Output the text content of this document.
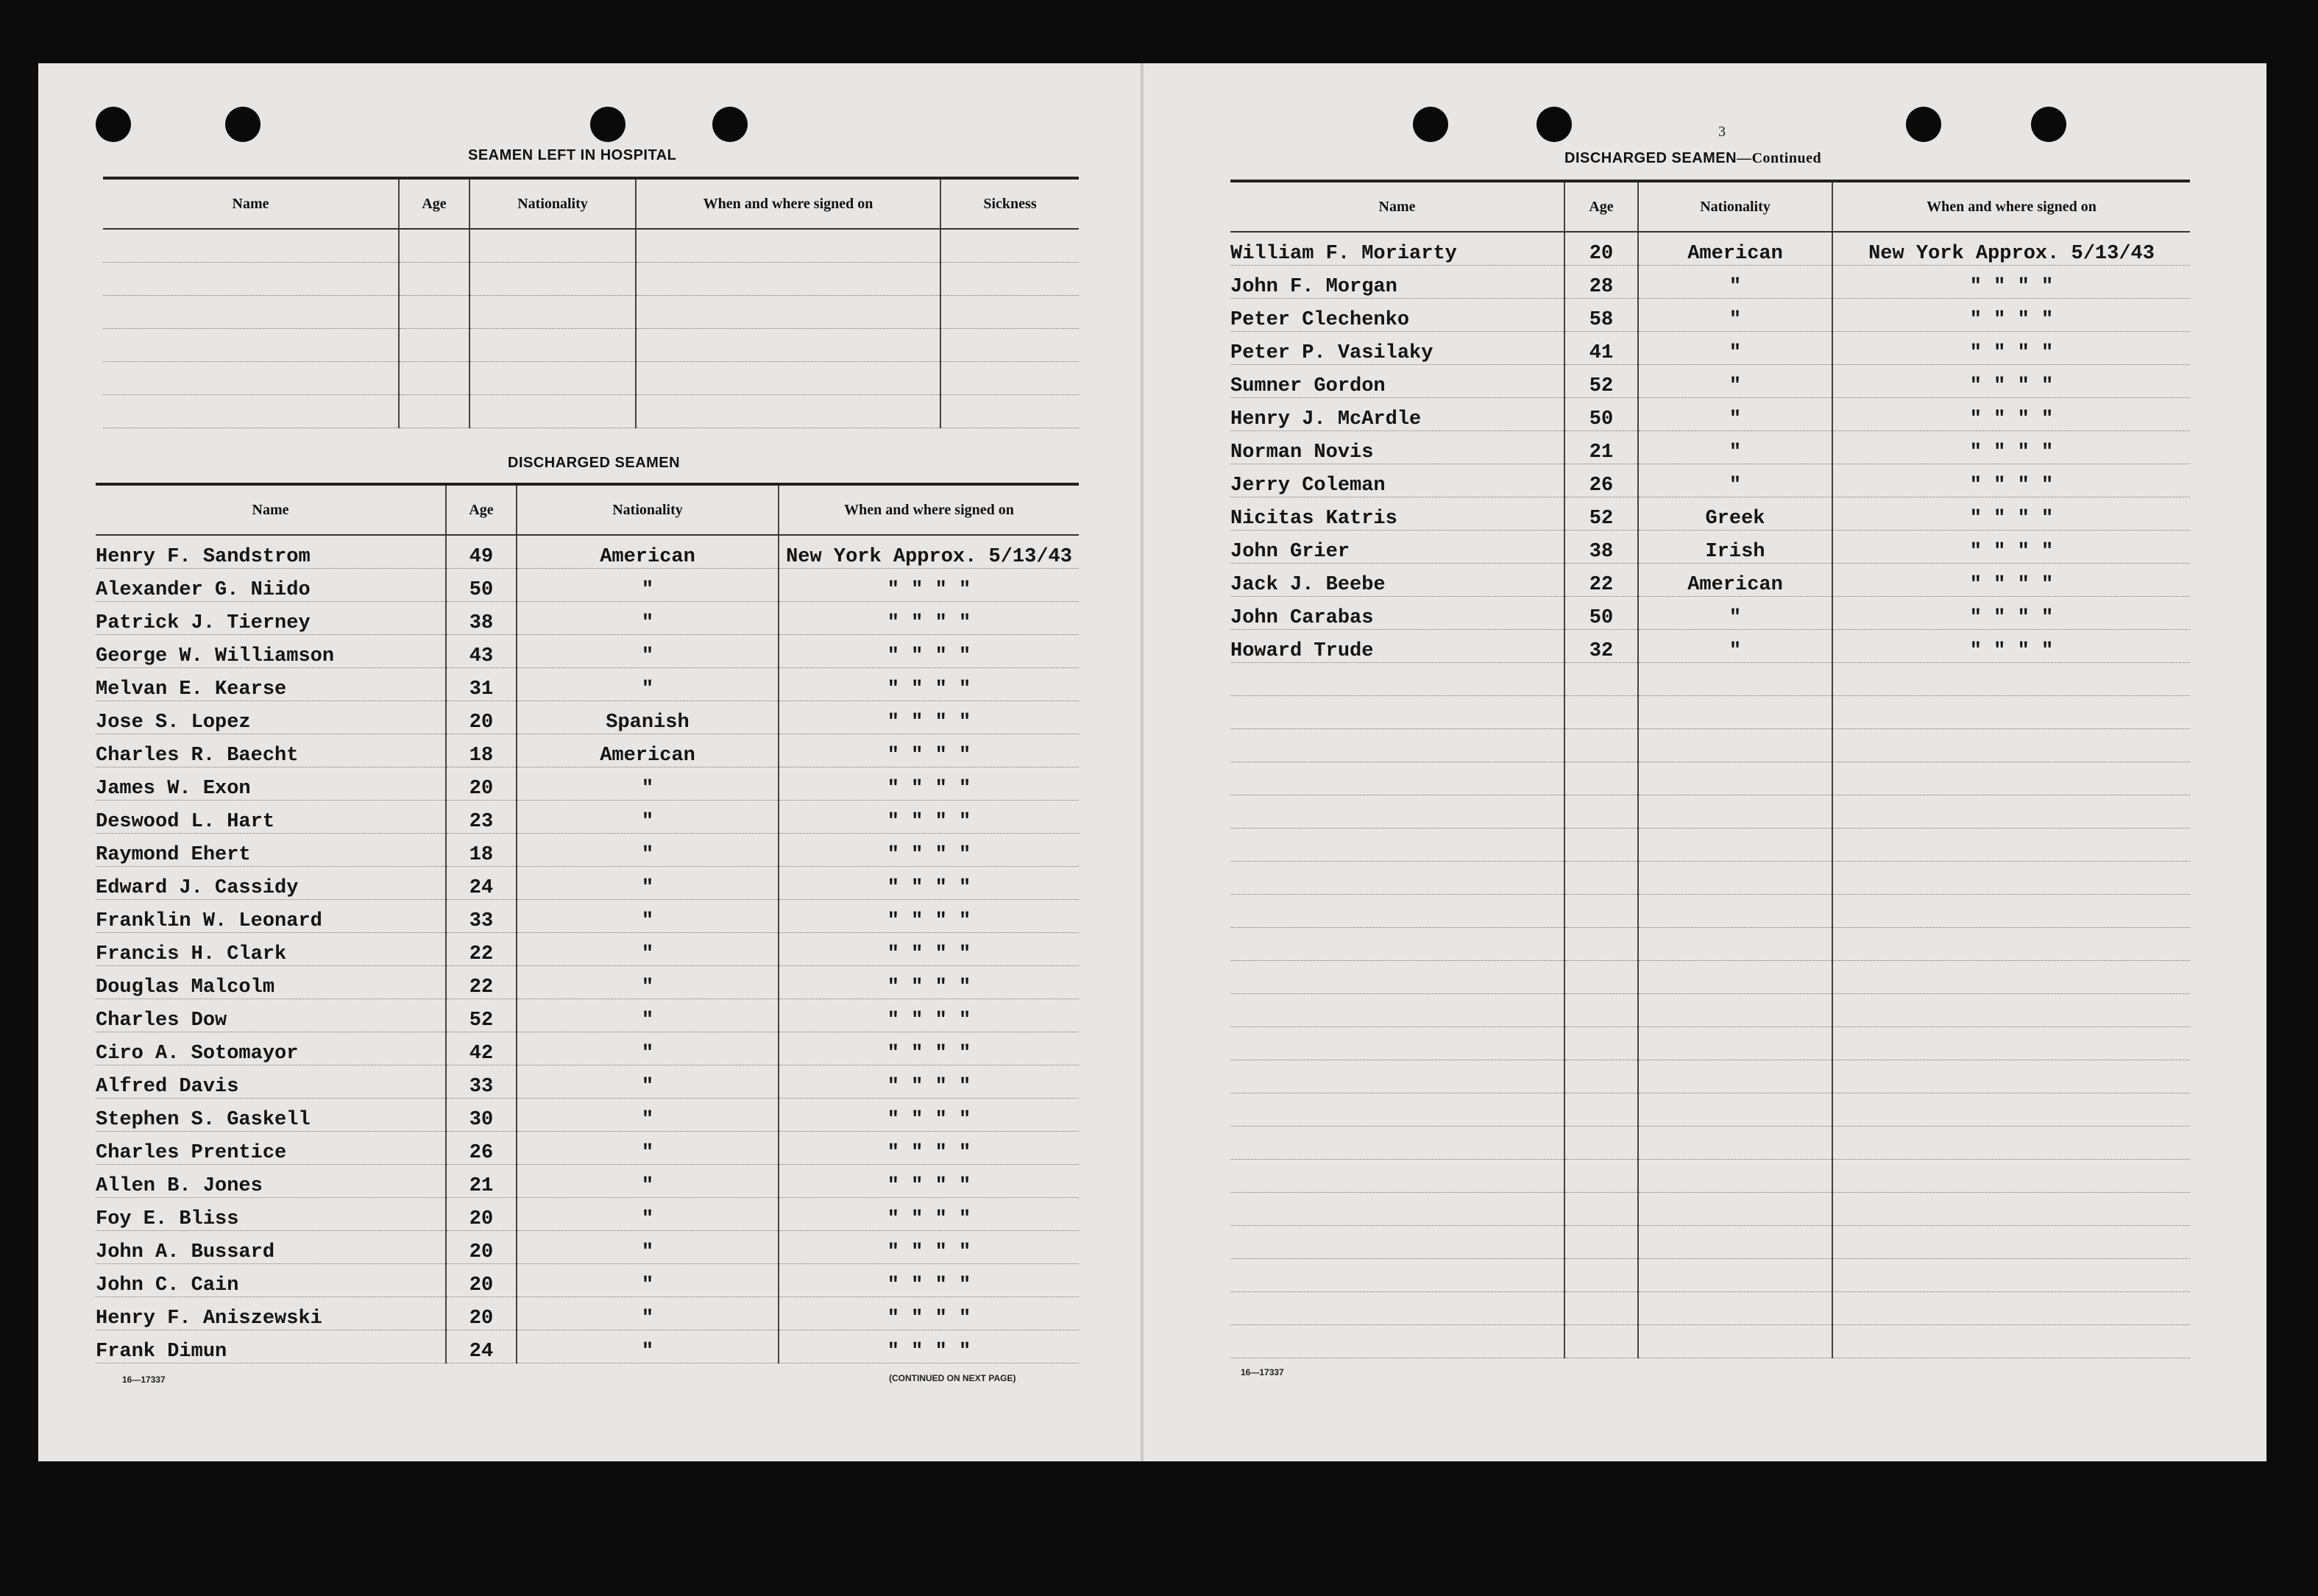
3
SEAMEN LEFT IN HOSPITAL
Name	Age	Nationality	When and where signed on	Sickness

DISCHARGED SEAMEN
Name	Age	Nationality	When and where signed on
Henry F. Sandstrom	49	American	New York Approx. 5/13/43
Alexander G. Niido	50	"	" " " "
Patrick J. Tierney	38	"	" " " "
George W. Williamson	43	"	" " " "
Melvan E. Kearse	31	"	" " " "
Jose S. Lopez	20	Spanish	" " " "
Charles R. Baecht	18	American	" " " "
James W. Exon	20	"	" " " "
Deswood L. Hart	23	"	" " " "
Raymond Ehert	18	"	" " " "
Edward J. Cassidy	24	"	" " " "
Franklin W. Leonard	33	"	" " " "
Francis H. Clark	22	"	" " " "
Douglas Malcolm	22	"	" " " "
Charles Dow	52	"	" " " "
Ciro A. Sotomayor	42	"	" " " "
Alfred Davis	33	"	" " " "
Stephen S. Gaskell	30	"	" " " "
Charles Prentice	26	"	" " " "
Allen B. Jones	21	"	" " " "
Foy E. Bliss	20	"	" " " "
John A. Bussard	20	"	" " " "
John C. Cain	20	"	" " " "
Henry F. Aniszewski	20	"	" " " "
Frank Dimun	24	"	" " " "
16—17337	(CONTINUED ON NEXT PAGE)
DISCHARGED SEAMEN—Continued
Name	Age	Nationality	When and where signed on
William F. Moriarty	20	American	New York Approx. 5/13/43
John F. Morgan	28	"	" " " "
Peter Clechenko	58	"	" " " "
Peter P. Vasilaky	41	"	" " " "
Sumner Gordon	52	"	" " " "
Henry J. McArdle	50	"	" " " "
Norman Novis	21	"	" " " "
Jerry Coleman	26	"	" " " "
Nicitas Katris	52	Greek	" " " "
John Grier	38	Irish	" " " "
Jack J. Beebe	22	American	" " " "
John Carabas	50	"	" " " "
Howard Trude	32	"	" " " "

16—17337
